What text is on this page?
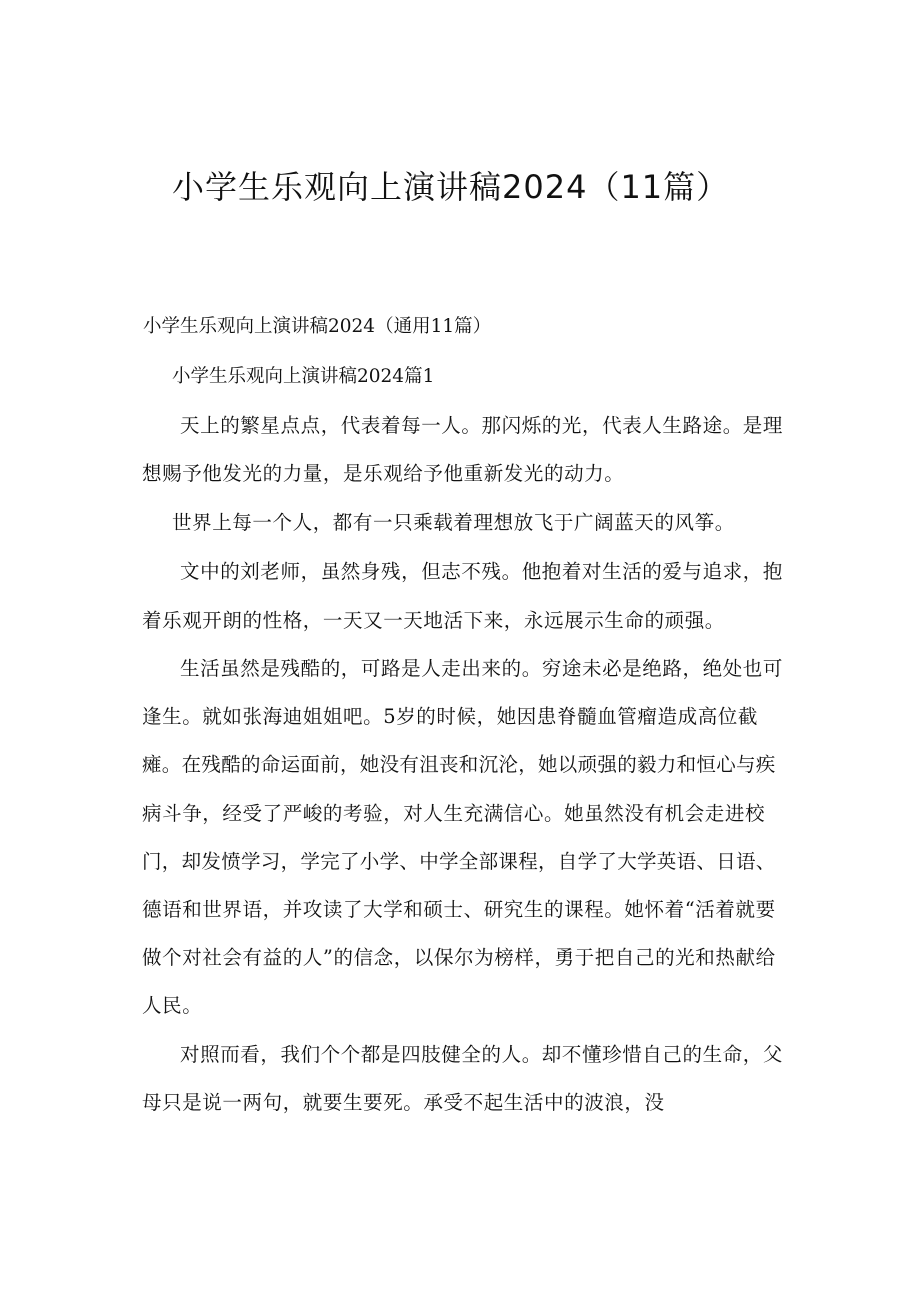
小学生乐观向上演讲稿2024（11篇）
小学生乐观向上演讲稿2024（通用11篇）
小学生乐观向上演讲稿2024篇1
天上的繁星点点，代表着每一人。那闪烁的光，代表人生路途。是理
想赐予他发光的力量，是乐观给予他重新发光的动力。
世界上每一个人，都有一只乘载着理想放飞于广阔蓝天的风筝。
文中的刘老师，虽然身残，但志不残。他抱着对生活的爱与追求，抱
着乐观开朗的性格，一天又一天地活下来，永远展示生命的顽强。
生活虽然是残酷的，可路是人走出来的。穷途未必是绝路，绝处也可
逢生。就如张海迪姐姐吧。5岁的时候，她因患脊髓血管瘤造成高位截
瘫。在残酷的命运面前，她没有沮丧和沉沦，她以顽强的毅力和恒心与疾
病斗争，经受了严峻的考验，对人生充满信心。她虽然没有机会走进校
门，却发愤学习，学完了小学、中学全部课程，自学了大学英语、日语、
德语和世界语，并攻读了大学和硕士、研究生的课程。她怀着“活着就要
做个对社会有益的人”的信念，以保尔为榜样，勇于把自己的光和热献给
人民。
对照而看，我们个个都是四肢健全的人。却不懂珍惜自己的生命，父
母只是说一两句，就要生要死。承受不起生活中的波浪，没
